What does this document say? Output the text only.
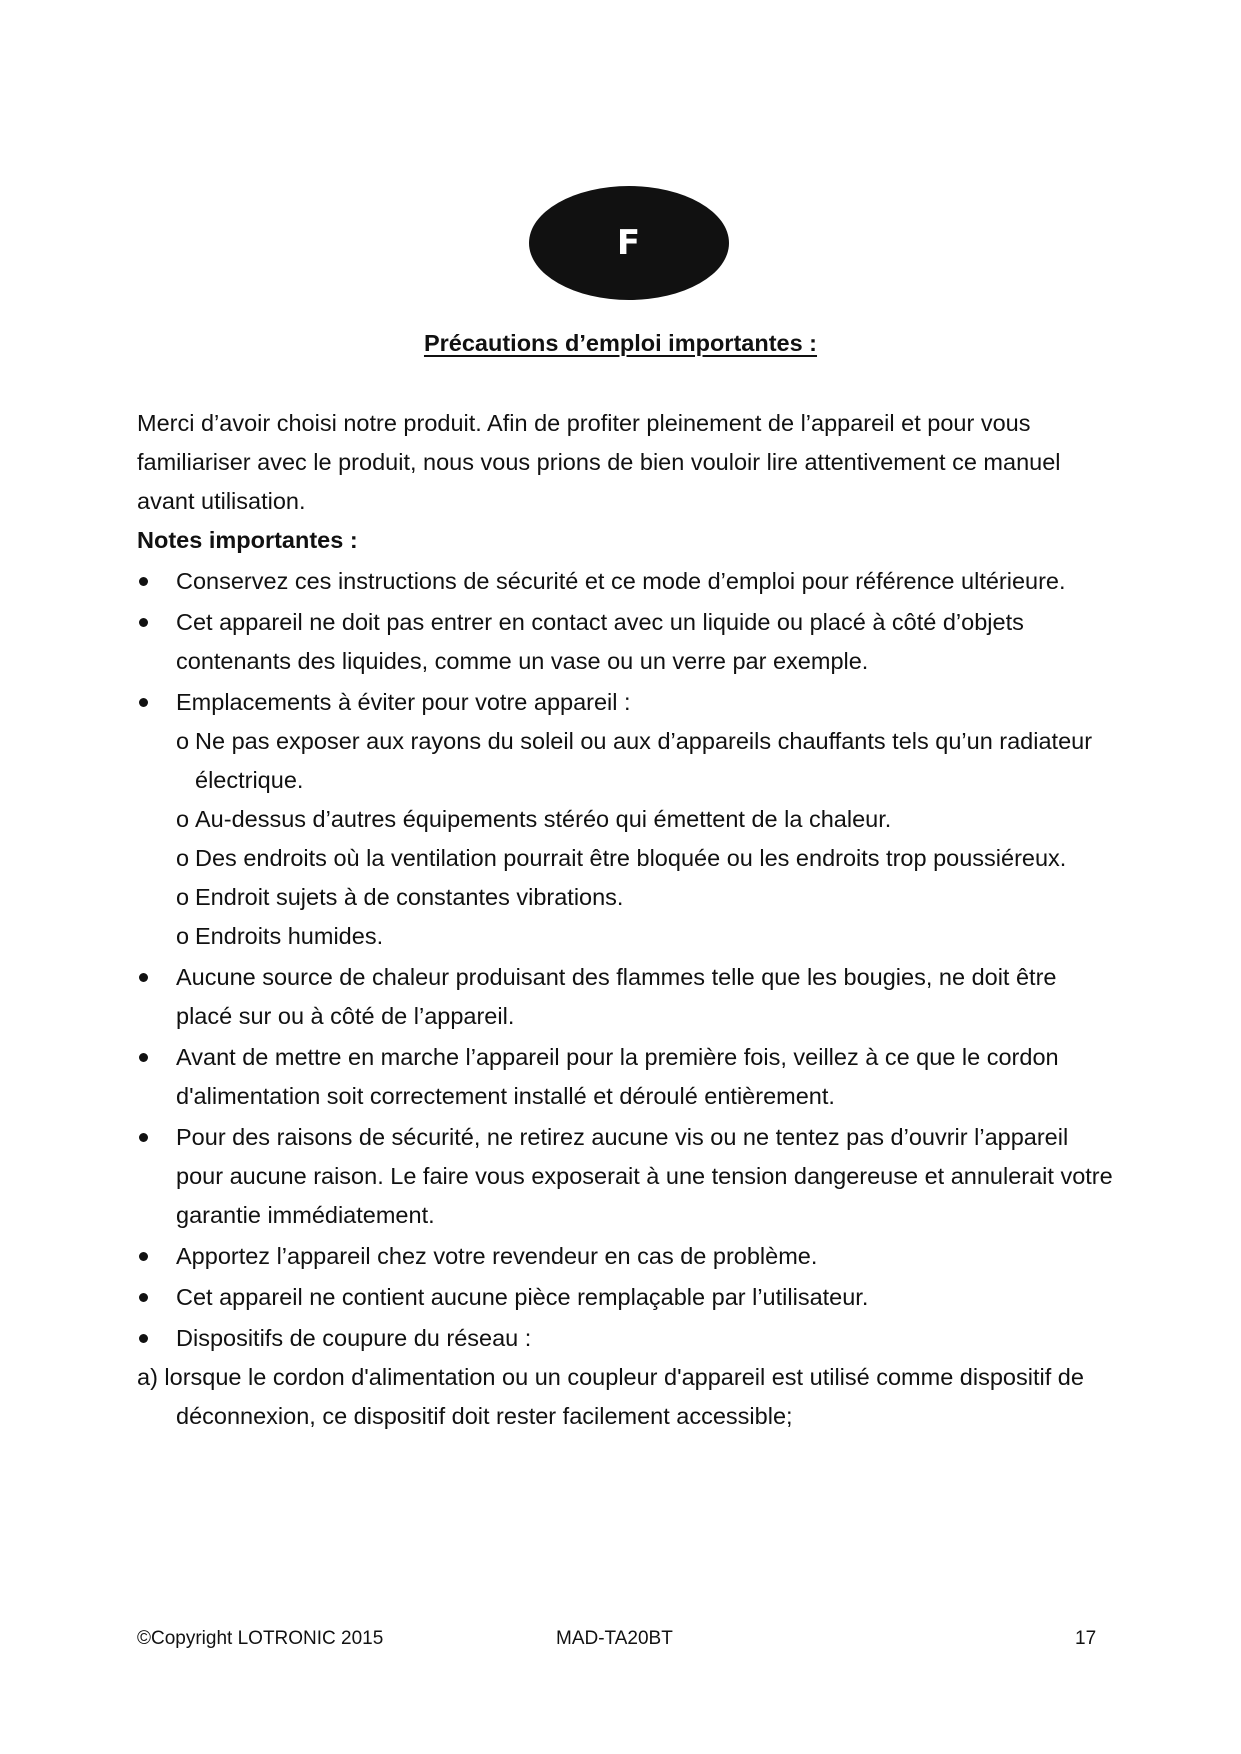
F
Précautions d’emploi importantes :

Merci d’avoir choisi notre produit. Afin de profiter pleinement de l’appareil et pour vous familiariser avec le produit, nous vous prions de bien vouloir lire attentivement ce manuel avant utilisation.

Notes importantes :

Conservez ces instructions de sécurité et ce mode d’emploi pour référence ultérieure.
Cet appareil ne doit pas entrer en contact avec un liquide ou placé à côté d’objets contenants des liquides, comme un vase ou un verre par exemple.
Emplacements à éviter pour votre appareil :
o Ne pas exposer aux rayons du soleil ou aux d’appareils chauffants tels qu’un radiateur électrique.
o Au-dessus d’autres équipements stéréo qui émettent de la chaleur.
o Des endroits où la ventilation pourrait être bloquée ou les endroits trop poussiéreux.
o Endroit sujets à de constantes vibrations.
o Endroits humides.
Aucune source de chaleur produisant des flammes telle que les bougies, ne doit être placé sur ou à côté de l’appareil.
Avant de mettre en marche l’appareil pour la première fois, veillez à ce que le cordon d'alimentation soit correctement installé et déroulé entièrement.
Pour des raisons de sécurité, ne retirez aucune vis ou ne tentez pas d’ouvrir l’appareil pour aucune raison. Le faire vous exposerait à une tension dangereuse et annulerait votre garantie immédiatement.
Apportez l’appareil chez votre revendeur en cas de problème.
Cet appareil ne contient aucune pièce remplaçable par l’utilisateur.
Dispositifs de coupure du réseau :

a) lorsque le cordon d'alimentation ou un coupleur d'appareil est utilisé comme dispositif de déconnexion, ce dispositif doit rester facilement accessible;

©Copyright LOTRONIC 2015	MAD-TA20BT	17
